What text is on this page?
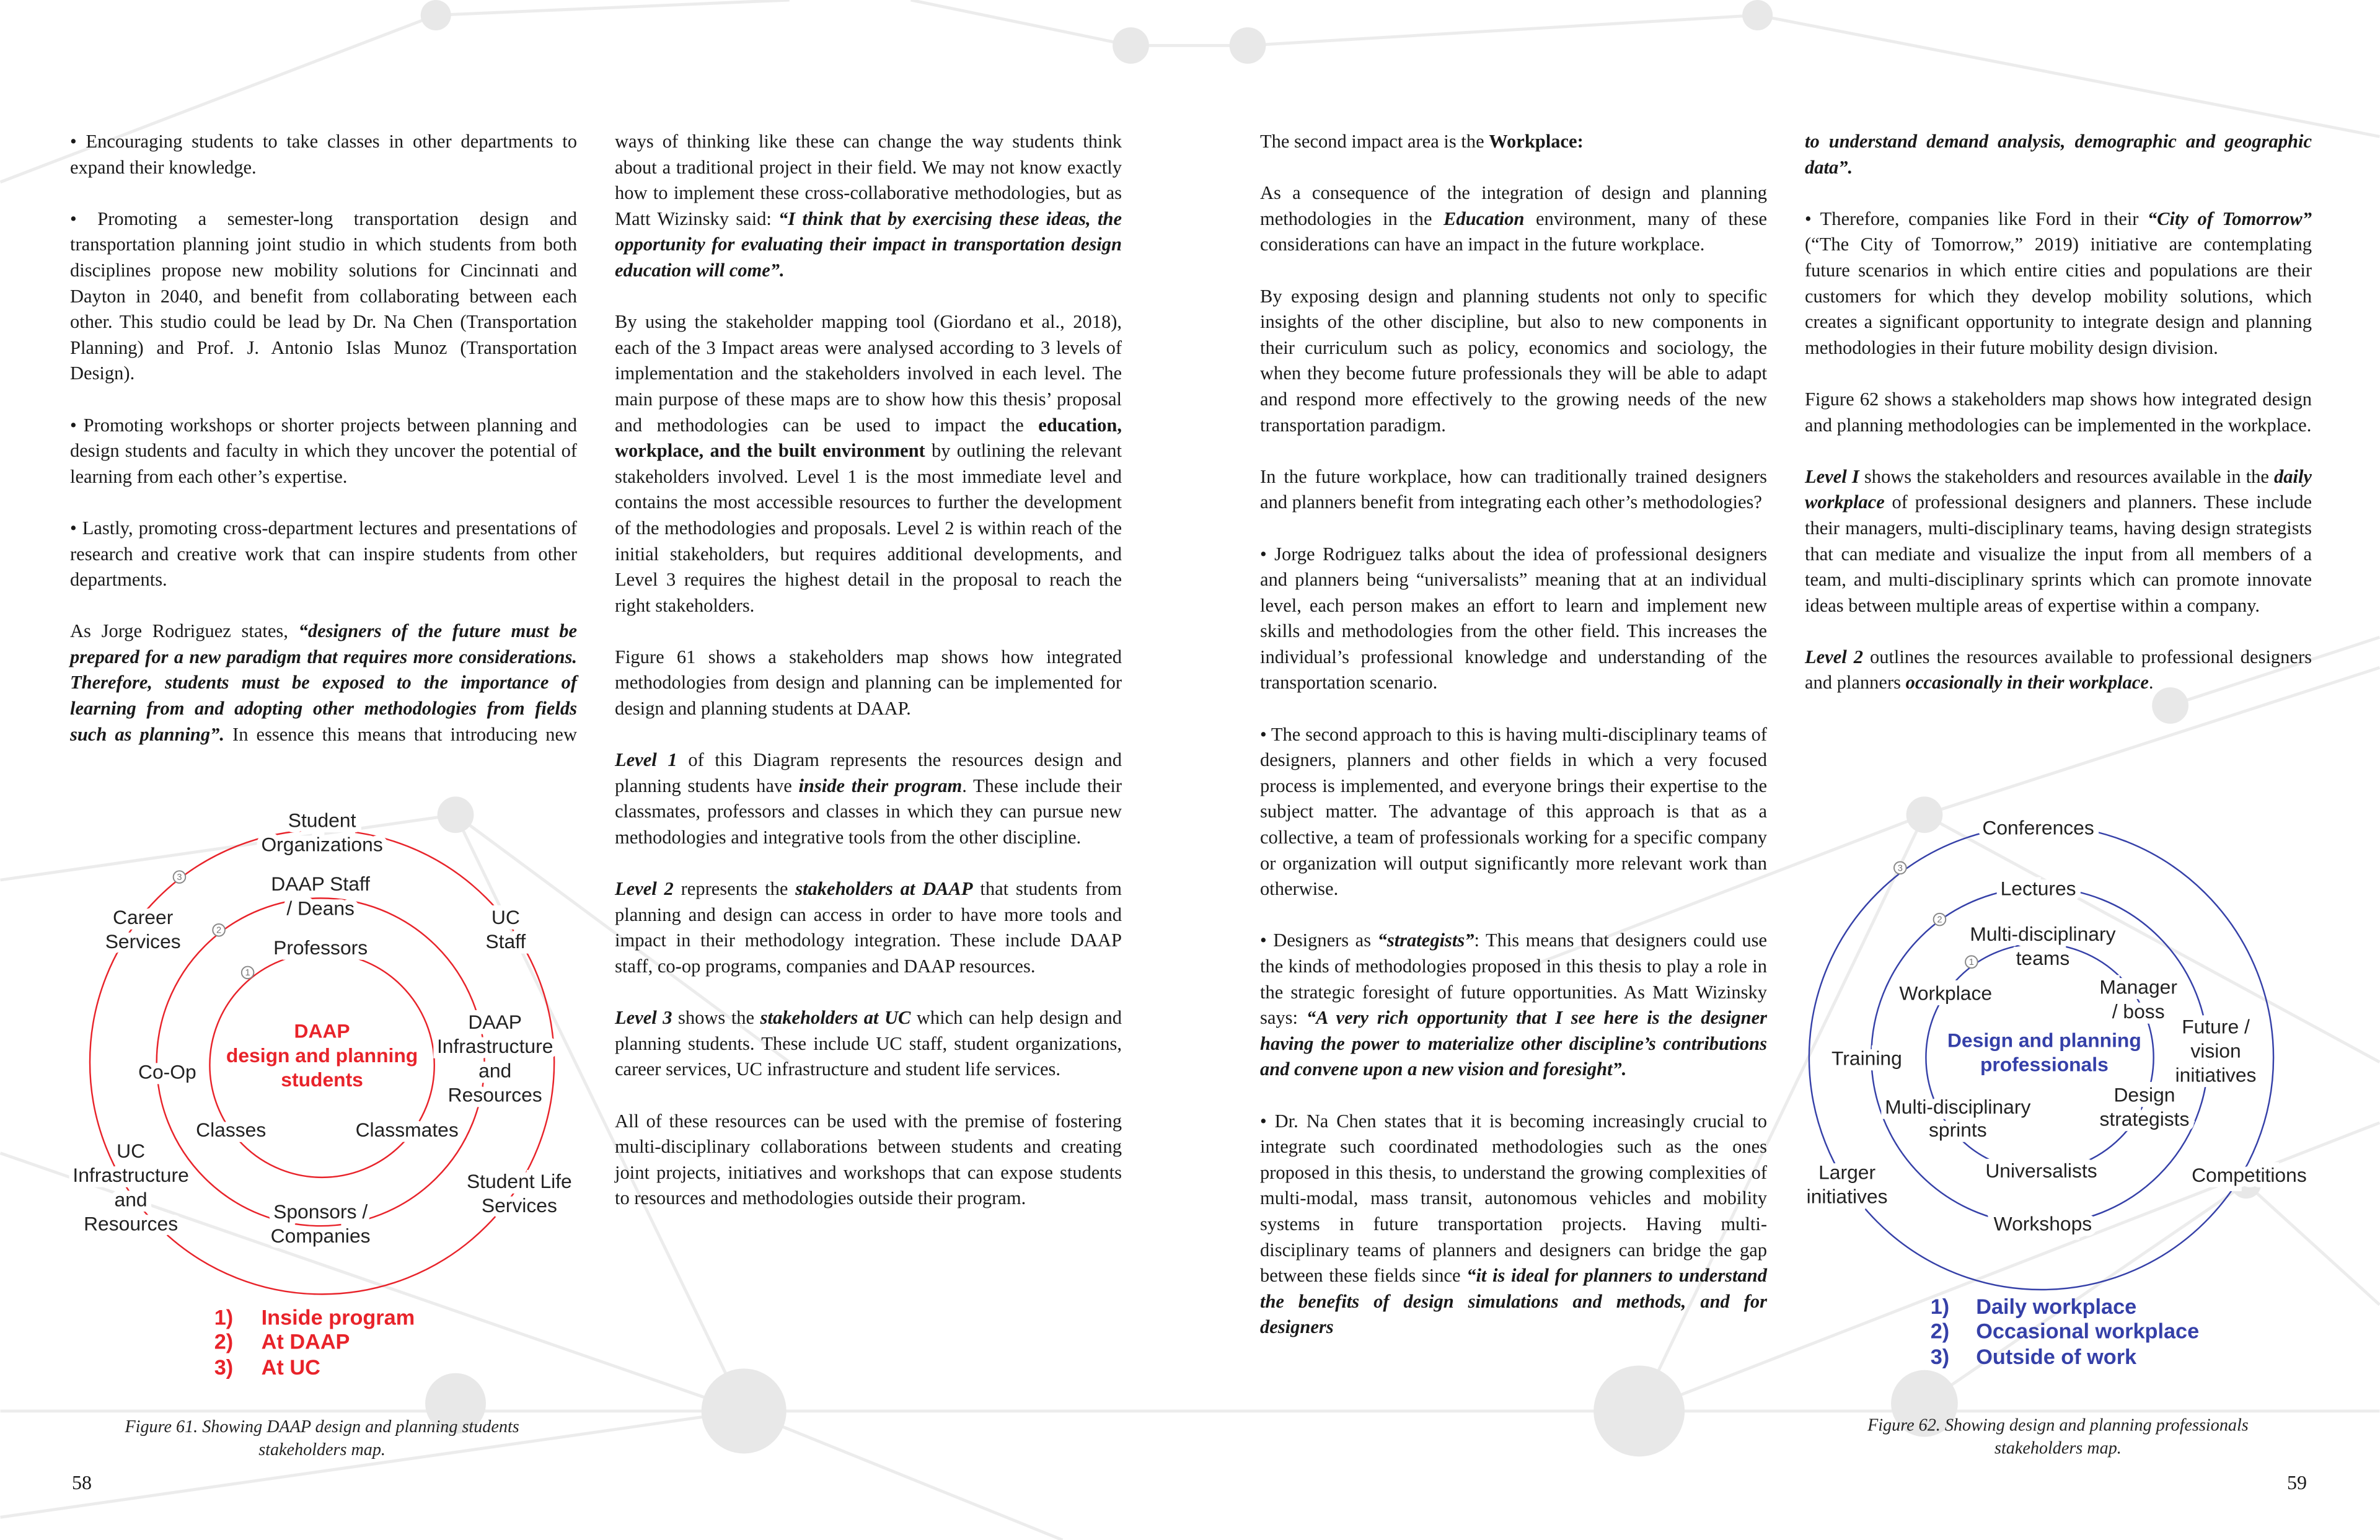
Student
Organizations
DAAP Staff
/ Deans
Professors
Career
Services
UC
Staff
DAAP
Infrastructure
and
Resources
Co-Op
Classes	Classmates
UC
Infrastructure
and
Resources
Sponsors /
Companies
Student Life
Services
DAAP
design and planning
students
1
2
3
1)	Inside program
2)	At DAAP
3)	At UC
Figure 61. Showing DAAP design and planning students
stakeholders map.
Conferences
Lectures
Multi-disciplinary
teams
Workplace	Manager
/ boss
Future /
vision
initiatives
Training
Multi-disciplinary
sprints
Design
strategists
Larger
initiatives
Universalists	Competitions
Workshops
Design and planning
professionals
1
2
3
1)	Daily workplace
2)	Occasional workplace
3)	Outside of work
Figure 62. Showing design and planning professionals
stakeholders map.

• Encouraging students to take classes in other departments to expand their knowledge.

• Promoting a semester-long transportation design and transportation planning joint studio in which students from both disciplines propose new mobility solutions for Cincinnati and Dayton in 2040, and benefit from collaborating between each other. This studio could be lead by Dr. Na Chen (Transportation Planning) and Prof. J. Antonio Islas Munoz (Transportation Design).

• Promoting workshops or shorter projects between planning and design students and faculty in which they uncover the potential of learning from each other’s expertise.

• Lastly, promoting cross-department lectures and presentations of research and creative work that can inspire students from other departments.

As Jorge Rodriguez states, “designers of the future must be prepared for a new paradigm that requires more considerations. Therefore, students must be exposed to the importance of learning from and adopting other methodologies from fields such as planning”. In essence this means that introducing new

ways of thinking like these can change the way students think about a traditional project in their field. We may not know exactly how to implement these cross-collaborative methodologies, but as Matt Wizinsky said: “I think that by exercising these ideas, the opportunity for evaluating their impact in transportation design education will come”.

By using the stakeholder mapping tool (Giordano et al., 2018), each of the 3 Impact areas were analysed according to 3 levels of implementation and the stakeholders involved in each level. The main purpose of these maps are to show how this thesis’ proposal and methodologies can be used to impact the education, workplace, and the built environment by outlining the relevant stakeholders involved. Level 1 is the most immediate level and contains the most accessible resources to further the development of the methodologies and proposals. Level 2 is within reach of the initial stakeholders, but requires additional developments, and Level 3 requires the highest detail in the proposal to reach the right stakeholders.

Figure 61 shows a stakeholders map shows how integrated methodologies from design and planning can be implemented for design and planning students at DAAP.

Level 1 of this Diagram represents the resources design and planning students have inside their program. These include their classmates, professors and classes in which they can pursue new methodologies and integrative tools from the other discipline.

Level 2 represents the stakeholders at DAAP that students from planning and design can access in order to have more tools and impact in their methodology integration. These include DAAP staff, co-op programs, companies and DAAP resources.

Level 3 shows the stakeholders at UC which can help design and planning students. These include UC staff, student organizations, career services, UC infrastructure and student life services.

All of these resources can be used with the premise of fostering multi-disciplinary collaborations between students and creating joint projects, initiatives and workshops that can expose students to resources and methodologies outside their program.

The second impact area is the Workplace:

As a consequence of the integration of design and planning methodologies in the Education environment, many of these considerations can have an impact in the future workplace.

By exposing design and planning students not only to specific insights of the other discipline, but also to new components in their curriculum such as policy, economics and sociology, the when they become future professionals they will be able to adapt and respond more effectively to the growing needs of the new transportation paradigm.

In the future workplace, how can traditionally trained designers and planners benefit from integrating each other’s methodologies?

• Jorge Rodriguez talks about the idea of professional designers and planners being “universalists” meaning that at an individual level, each person makes an effort to learn and implement new skills and methodologies from the other field. This increases the individual’s professional knowledge and understanding of the transportation scenario.

• The second approach to this is having multi-disciplinary teams of designers, planners and other fields in which a very focused process is implemented, and everyone brings their expertise to the subject matter. The advantage of this approach is that as a collective, a team of professionals working for a specific company or organization will output significantly more relevant work than otherwise.

• Designers as “strategists”: This means that designers could use the kinds of methodologies proposed in this thesis to play a role in the strategic foresight of future opportunities. As Matt Wizinsky says: “A very rich opportunity that I see here is the designer having the power to materialize other discipline’s contributions and convene upon a new vision and foresight”.

• Dr. Na Chen states that it is becoming increasingly crucial to integrate such coordinated methodologies such as the ones proposed in this thesis, to understand the growing complexities of multi-modal, mass transit, autonomous vehicles and mobility systems in future transportation projects. Having multi-disciplinary teams of planners and designers can bridge the gap between these fields since “it is ideal for planners to understand the benefits of design simulations and methods, and for designers

to understand demand analysis, demographic and geographic data”.

• Therefore, companies like Ford in their “City of Tomorrow” (“The City of Tomorrow,” 2019) initiative are contemplating future scenarios in which entire cities and populations are their customers for which they develop mobility solutions, which creates a significant opportunity to integrate design and planning methodologies in their future mobility design division.

Figure 62 shows a stakeholders map shows how integrated design and planning methodologies can be implemented in the workplace.

Level I shows the stakeholders and resources available in the daily workplace of professional designers and planners. These include their managers, multi-disciplinary teams, having design strategists that can mediate and visualize the input from all members of a team, and multi-disciplinary sprints which can promote innovate ideas between multiple areas of expertise within a company.

Level 2 outlines the resources available to professional designers and planners occasionally in their workplace.

58	59
